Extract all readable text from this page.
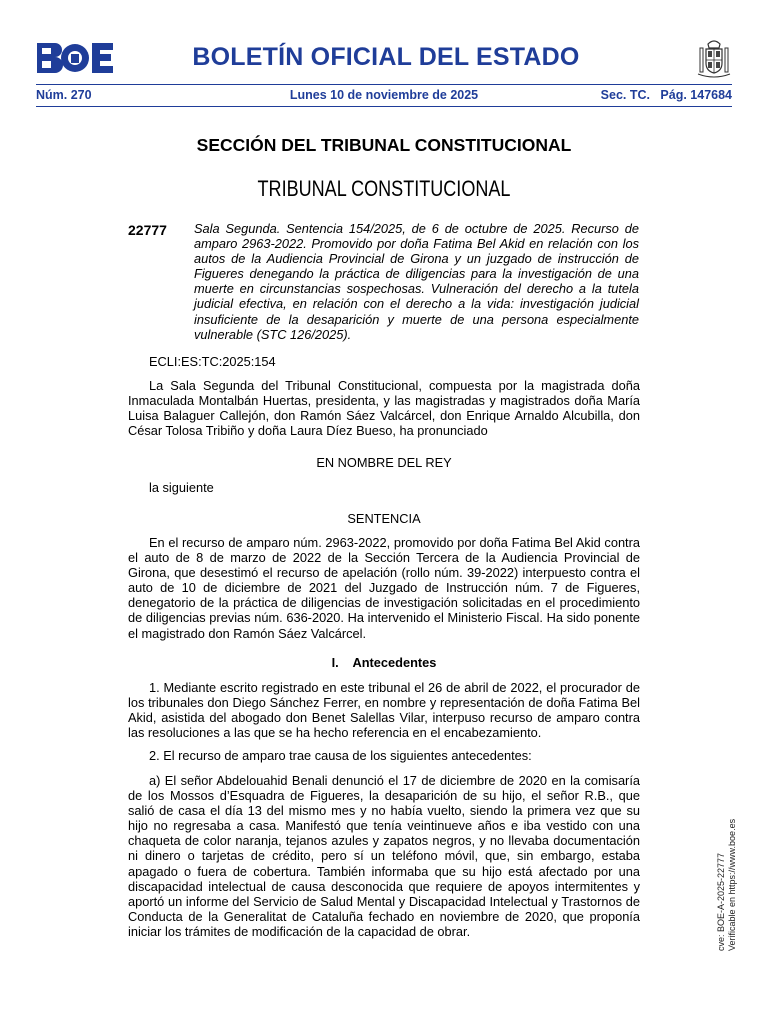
BOLETÍN OFICIAL DEL ESTADO
Núm. 270	Lunes 10 de noviembre de 2025	Sec. TC.   Pág. 147684
SECCIÓN DEL TRIBUNAL CONSTITUCIONAL
TRIBUNAL CONSTITUCIONAL
22777 Sala Segunda. Sentencia 154/2025, de 6 de octubre de 2025. Recurso de amparo 2963-2022. Promovido por doña Fatima Bel Akid en relación con los autos de la Audiencia Provincial de Girona y un juzgado de instrucción de Figueres denegando la práctica de diligencias para la investigación de una muerte en circunstancias sospechosas. Vulneración del derecho a la tutela judicial efectiva, en relación con el derecho a la vida: investigación judicial insuficiente de la desaparición y muerte de una persona especialmente vulnerable (STC 126/2025).
ECLI:ES:TC:2025:154
La Sala Segunda del Tribunal Constitucional, compuesta por la magistrada doña Inmaculada Montalbán Huertas, presidenta, y las magistradas y magistrados doña María Luisa Balaguer Callejón, don Ramón Sáez Valcárcel, don Enrique Arnaldo Alcubilla, don César Tolosa Tribiño y doña Laura Díez Bueso, ha pronunciado
EN NOMBRE DEL REY
la siguiente
SENTENCIA
En el recurso de amparo núm. 2963-2022, promovido por doña Fatima Bel Akid contra el auto de 8 de marzo de 2022 de la Sección Tercera de la Audiencia Provincial de Girona, que desestimó el recurso de apelación (rollo núm. 39-2022) interpuesto contra el auto de 10 de diciembre de 2021 del Juzgado de Instrucción núm. 7 de Figueres, denegatorio de la práctica de diligencias de investigación solicitadas en el procedimiento de diligencias previas núm. 636-2020. Ha intervenido el Ministerio Fiscal. Ha sido ponente el magistrado don Ramón Sáez Valcárcel.
I.    Antecedentes
1. Mediante escrito registrado en este tribunal el 26 de abril de 2022, el procurador de los tribunales don Diego Sánchez Ferrer, en nombre y representación de doña Fatima Bel Akid, asistida del abogado don Benet Salellas Vilar, interpuso recurso de amparo contra las resoluciones a las que se ha hecho referencia en el encabezamiento.
2. El recurso de amparo trae causa de los siguientes antecedentes:
a) El señor Abdelouahid Benali denunció el 17 de diciembre de 2020 en la comisaría de los Mossos d’Esquadra de Figueres, la desaparición de su hijo, el señor R.B., que salió de casa el día 13 del mismo mes y no había vuelto, siendo la primera vez que su hijo no regresaba a casa. Manifestó que tenía veintinueve años e iba vestido con una chaqueta de color naranja, tejanos azules y zapatos negros, y no llevaba documentación ni dinero o tarjetas de crédito, pero sí un teléfono móvil, que, sin embargo, estaba apagado o fuera de cobertura. También informaba que su hijo está afectado por una discapacidad intelectual de causa desconocida que requiere de apoyos intermitentes y aportó un informe del Servicio de Salud Mental y Discapacidad Intelectual y Trastornos de Conducta de la Generalitat de Cataluña fechado en noviembre de 2020, que proponía iniciar los trámites de modificación de la capacidad de obrar.	cve: BOE-A-2025-22777 Verificable en https://www.boe.es
